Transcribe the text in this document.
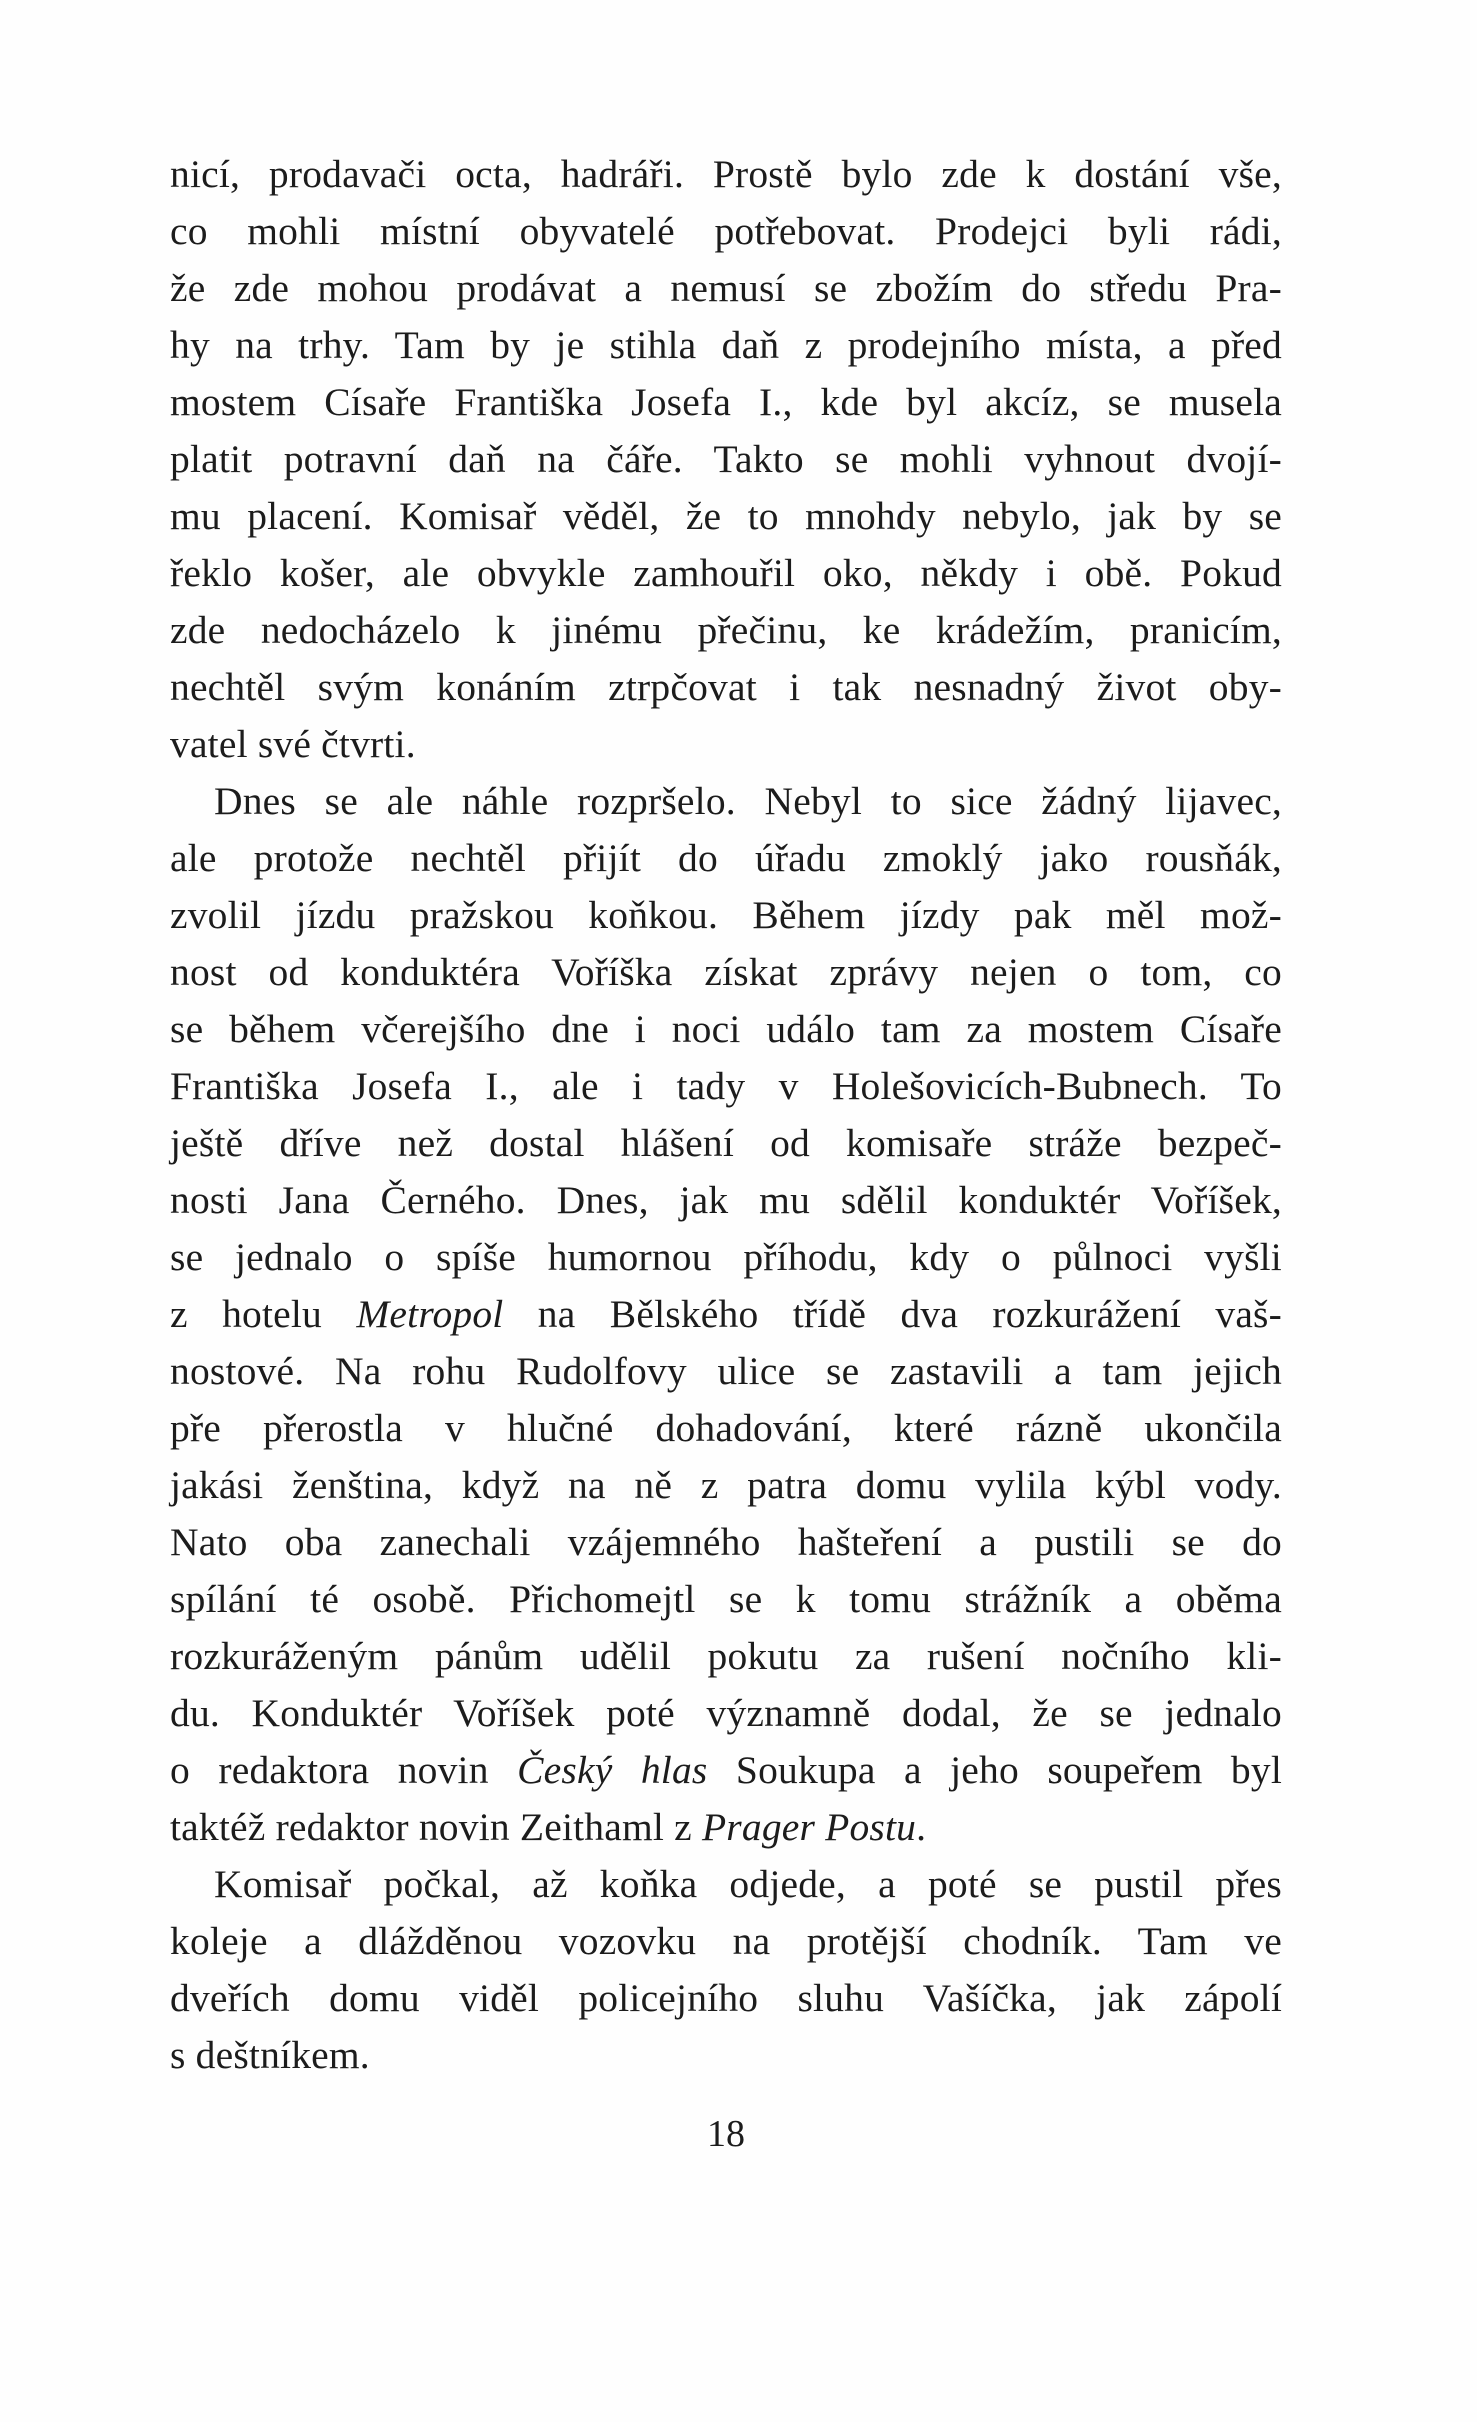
nicí, prodavači octa, hadráři. Prostě bylo zde k dostání vše,
co mohli místní obyvatelé potřebovat. Prodejci byli rádi,
že zde mohou prodávat a nemusí se zbožím do středu Pra-
hy na trhy. Tam by je stihla daň z prodejního místa, a před
mostem Císaře Františka Josefa I., kde byl akcíz, se musela
platit potravní daň na čáře. Takto se mohli vyhnout dvojí-
mu placení. Komisař věděl, že to mnohdy nebylo, jak by se
řeklo košer, ale obvykle zamhouřil oko, někdy i obě. Pokud
zde nedocházelo k jinému přečinu, ke krádežím, pranicím,
nechtěl svým konáním ztrpčovat i tak nesnadný život oby-
vatel své čtvrti.
Dnes se ale náhle rozpršelo. Nebyl to sice žádný lijavec,
ale protože nechtěl přijít do úřadu zmoklý jako rousňák,
zvolil jízdu pražskou koňkou. Během jízdy pak měl mož-
nost od konduktéra Voříška získat zprávy nejen o tom, co
se během včerejšího dne i noci událo tam za mostem Císaře
Františka Josefa I., ale i tady v Holešovicích-Bubnech. To
ještě dříve než dostal hlášení od komisaře stráže bezpeč-
nosti Jana Černého. Dnes, jak mu sdělil konduktér Voříšek,
se jednalo o spíše humornou příhodu, kdy o půlnoci vyšli
z hotelu Metropol na Bělského třídě dva rozkurážení vaš-
nostové. Na rohu Rudolfovy ulice se zastavili a tam jejich
pře přerostla v hlučné dohadování, které rázně ukončila
jakási ženština, když na ně z patra domu vylila kýbl vody.
Nato oba zanechali vzájemného hašteření a pustili se do
spílání té osobě. Přichomejtl se k tomu strážník a oběma
rozkuráženým pánům udělil pokutu za rušení nočního kli-
du. Konduktér Voříšek poté významně dodal, že se jednalo
o redaktora novin Český hlas Soukupa a jeho soupeřem byl
taktéž redaktor novin Zeithaml z Prager Postu.
Komisař počkal, až koňka odjede, a poté se pustil přes
koleje a dlážděnou vozovku na protější chodník. Tam ve
dveřích domu viděl policejního sluhu Vašíčka, jak zápolí
s deštníkem.
18
